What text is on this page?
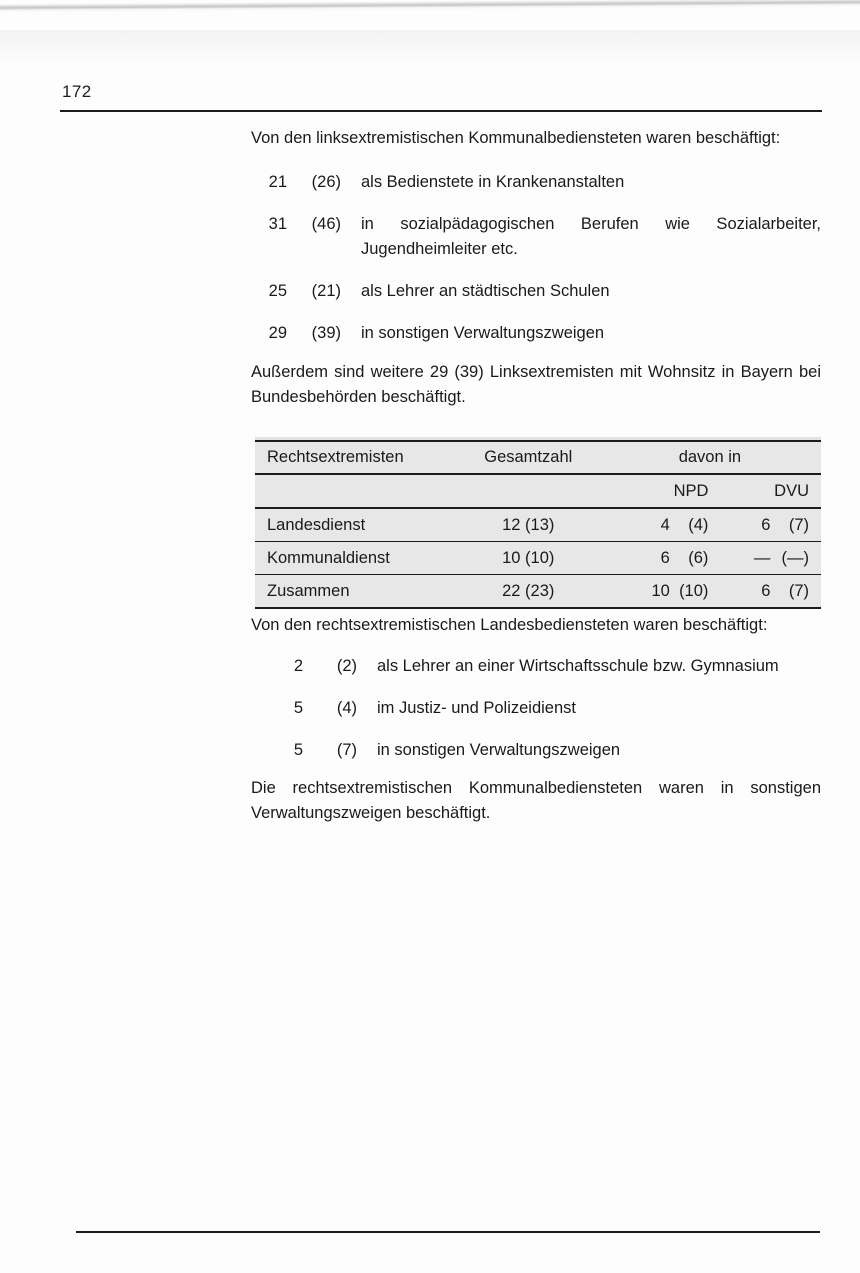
172

Von den linksextremistischen Kommunalbediensteten waren beschäftigt:

21	(26)	als Bedienstete in Krankenanstalten
31	(46)	in sozialpädagogischen Berufen wie Sozialarbeiter, Jugendheimleiter etc.
25	(21)	als Lehrer an städtischen Schulen
29	(39)	in sonstigen Verwaltungszweigen

Außerdem sind weitere 29 (39) Linksextremisten mit Wohnsitz in Bayern bei Bundesbehörden beschäftigt.

Rechtsextremisten	Gesamtzahl	davon in	
		NPD	DVU
Landesdienst	12 (13)	4 (4)	6 (7)
Kommunaldienst	10 (10)	6 (6)	— (—)
Zusammen	22 (23)	10 (10)	6 (7)

Von den rechtsextremistischen Landesbediensteten waren beschäftigt:

2	(2)	als Lehrer an einer Wirtschaftsschule bzw. Gymnasium
5	(4)	im Justiz- und Polizeidienst
5	(7)	in sonstigen Verwaltungszweigen

Die rechtsextremistischen Kommunalbediensteten waren in sonstigen Verwaltungszweigen beschäftigt.
